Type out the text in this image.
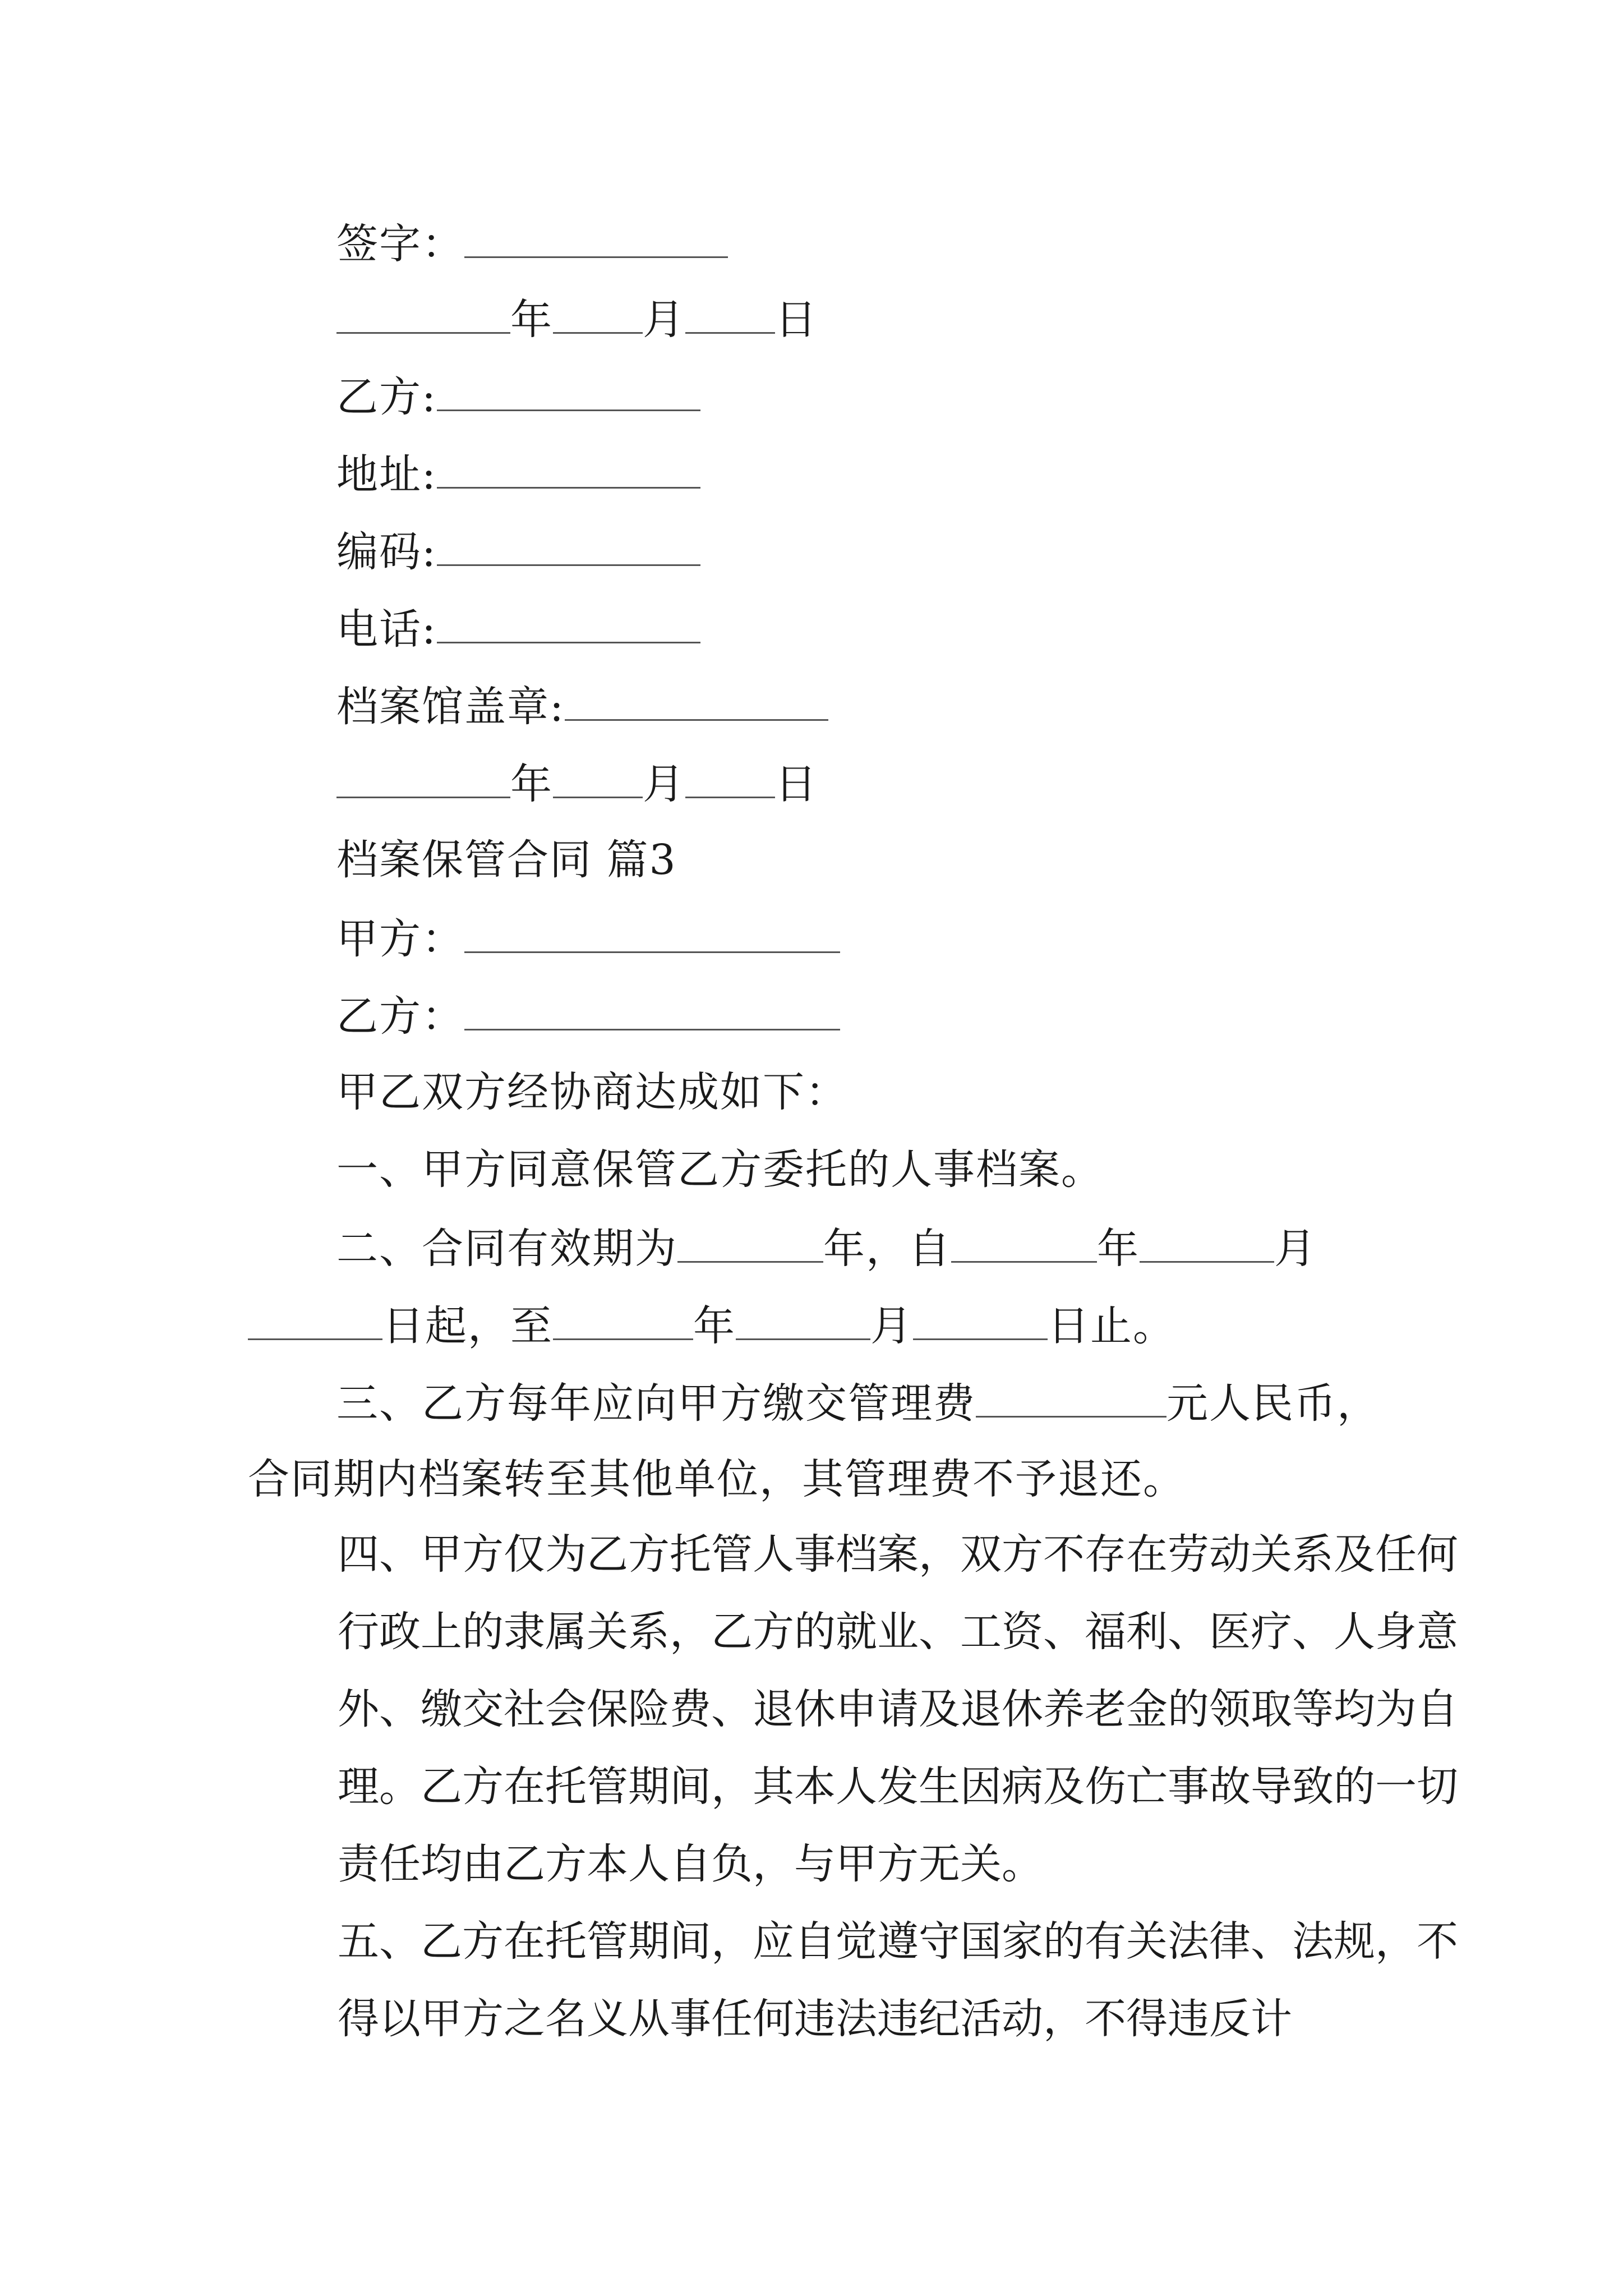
签字：
年 月 日
乙方:
地址:
编码:
电话:
档案馆盖章:
年 月 日
档案保管合同 篇3
甲方：
乙方：
甲乙双方经协商达成如下：
一、甲方同意保管乙方委托的人事档案。
二、合同有效期为	年，自	年	月
日起，至	年	月	日止。
三、乙方每年应向甲方缴交管理费	元人民币，
合同期内档案转至其他单位，其管理费不予退还。
四、甲方仅为乙方托管人事档案，双方不存在劳动关系及任何行政上的隶属关系，乙方的就业、工资、福利、医疗、人身意外、缴交社会保险费、退休申请及退休养老金的领取等均为自理。乙方在托管期间，其本人发生因病及伤亡事故导致的一切责任均由乙方本人自负，与甲方无关。
五、乙方在托管期间，应自觉遵守国家的有关法律、法规，不得以甲方之名义从事任何违法违纪活动，不得违反计
